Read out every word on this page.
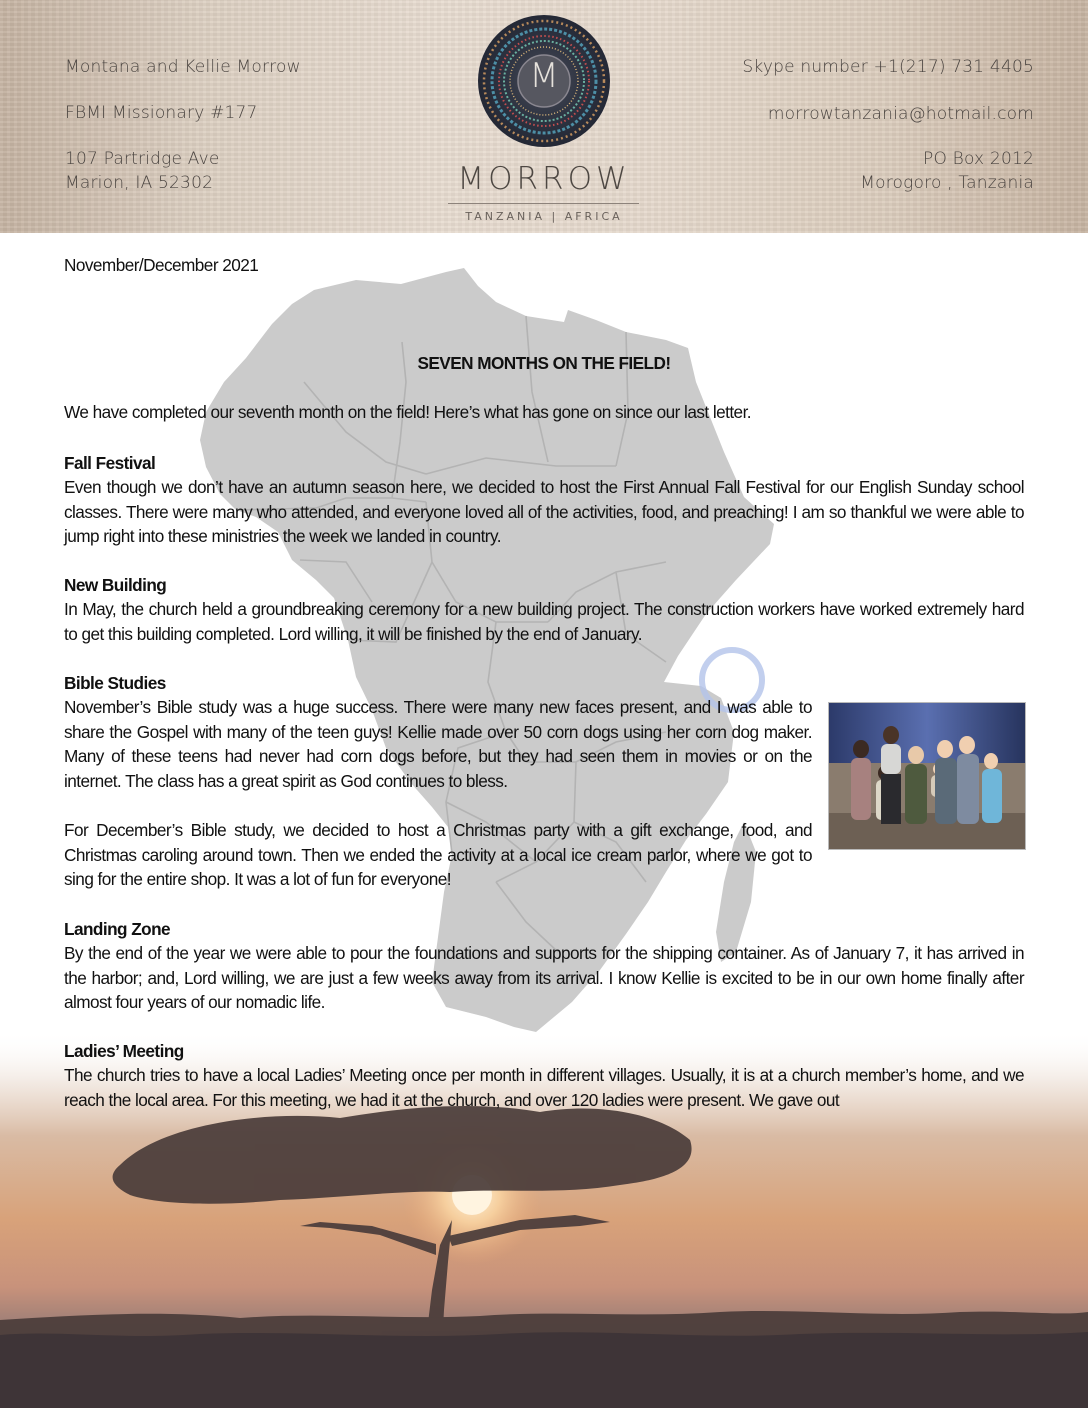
Montana and Kellie Morrow
FBMI Missionary #177
107 Partridge Ave
Marion, IA 52302
Skype number +1(217) 731 4405
morrowtanzania@hotmail.com
PO Box 2012
Morogoro , Tanzania
M
MORROW
TANZANIA | AFRICA
November/December 2021
SEVEN MONTHS ON THE FIELD!
We have completed our seventh month on the field! Here’s what has gone on since our last letter.
Fall Festival
Even though we don’t have an autumn season here, we decided to host the First Annual Fall Festival for our English Sunday school classes. There were many who attended, and everyone loved all of the activities, food, and preaching! I am so thankful we were able to jump right into these ministries the week we landed in country.
New Building
In May, the church held a groundbreaking ceremony for a new building project. The construction workers have worked extremely hard to get this building completed. Lord willing, it will be finished by the end of January.
Bible Studies
November’s Bible study was a huge success. There were many new faces present, and I was able to share the Gospel with many of the teen guys! Kellie made over 50 corn dogs using her corn dog maker. Many of these teens had never had corn dogs before, but they had seen them in movies or on the internet. The class has a great spirit as God continues to bless.
For December’s Bible study, we decided to host a Christmas party with a gift exchange, food, and Christmas caroling around town. Then we ended the activity at a local ice cream parlor, where we got to sing for the entire shop. It was a lot of fun for everyone!
Landing Zone
By the end of the year we were able to pour the foundations and supports for the shipping container. As of January 7, it has arrived in the harbor; and, Lord willing, we are just a few weeks away from its arrival. I know Kellie is excited to be in our own home finally after almost four years of our nomadic life.
Ladies’ Meeting
The church tries to have a local Ladies’ Meeting once per month in different villages. Usually, it is at a church member’s home, and we reach the local area. For this meeting, we had it at the church, and over 120 ladies were present. We gave out
